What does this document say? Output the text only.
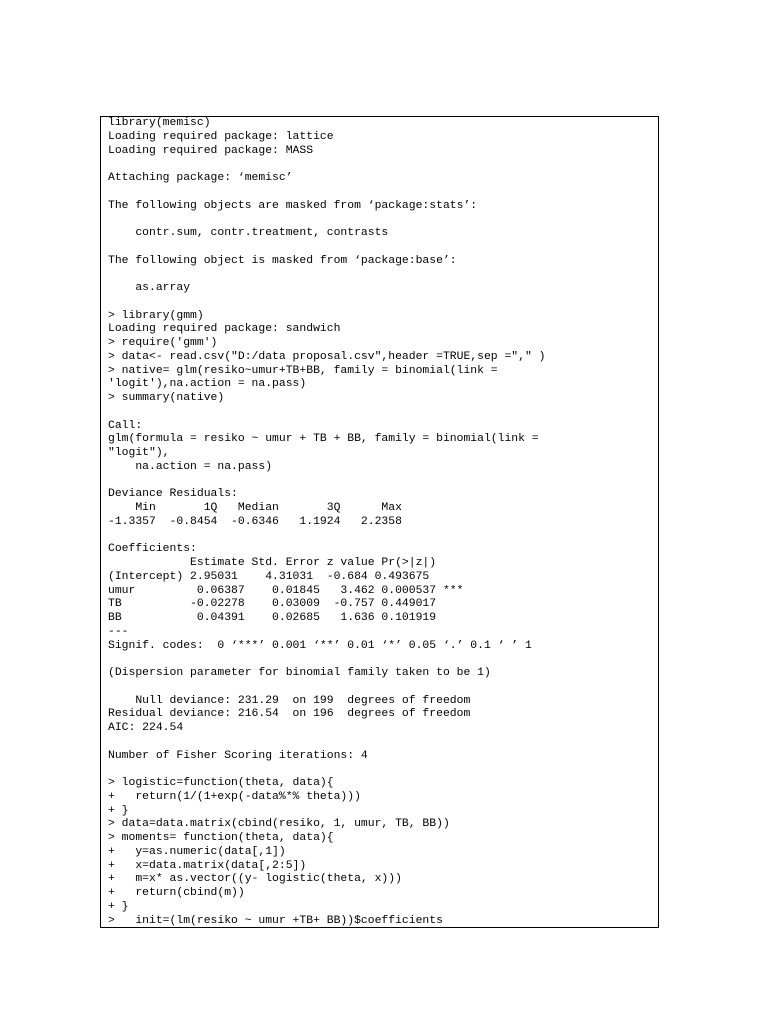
library(memisc)
Loading required package: lattice
Loading required package: MASS

Attaching package: ‘memisc’

The following objects are masked from ‘package:stats’:

contr.sum, contr.treatment, contrasts

The following object is masked from ‘package:base’:

as.array

> library(gmm)
Loading required package: sandwich
> require('gmm')
> data<- read.csv("D:/data proposal.csv",header =TRUE,sep ="," )
> native= glm(resiko~umur+TB+BB, family = binomial(link =
'logit'),na.action = na.pass)
> summary(native)

Call:
glm(formula = resiko ~ umur + TB + BB, family = binomial(link =
"logit"),
na.action = na.pass)

Deviance Residuals:
Min       1Q   Median       3Q      Max
-1.3357  -0.8454  -0.6346   1.1924   2.2358

Coefficients:
Estimate Std. Error z value Pr(>|z|)
(Intercept) 2.95031    4.31031  -0.684 0.493675
umur         0.06387    0.01845   3.462 0.000537 ***
TB          -0.02278    0.03009  -0.757 0.449017
BB           0.04391    0.02685   1.636 0.101919
---
Signif. codes:  0 ‘***’ 0.001 ‘**’ 0.01 ‘*’ 0.05 ‘.’ 0.1 ‘ ’ 1

(Dispersion parameter for binomial family taken to be 1)

Null deviance: 231.29  on 199  degrees of freedom
Residual deviance: 216.54  on 196  degrees of freedom
AIC: 224.54

Number of Fisher Scoring iterations: 4

> logistic=function(theta, data){
+   return(1/(1+exp(-data%*% theta)))
+ }
> data=data.matrix(cbind(resiko, 1, umur, TB, BB))
> moments= function(theta, data){
+   y=as.numeric(data[,1])
+   x=data.matrix(data[,2:5])
+   m=x* as.vector((y- logistic(theta, x)))
+   return(cbind(m))
+ }
>   init=(lm(resiko ~ umur +TB+ BB))$coefficients
